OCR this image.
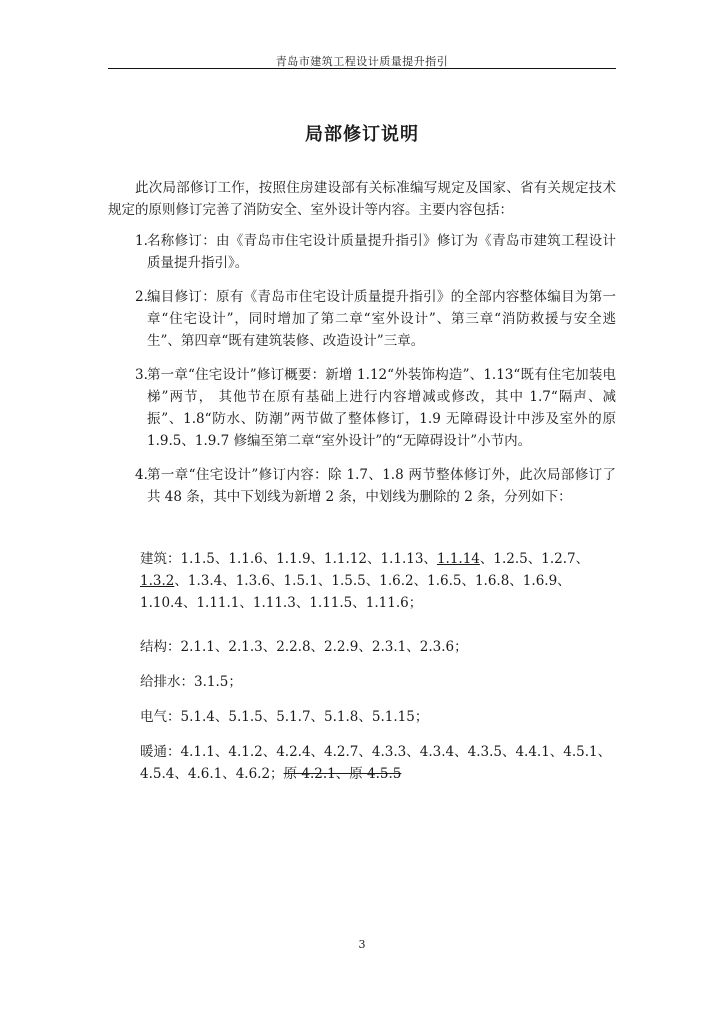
青岛市建筑工程设计质量提升指引
局部修订说明

此次局部修订工作，按照住房建设部有关标准编写规定及国家、省有关规定技术规定的原则修订完善了消防安全、室外设计等内容。主要内容包括：

1. 名称修订：由《青岛市住宅设计质量提升指引》修订为《青岛市建筑工程设计质量提升指引》。
2. 编目修订：原有《青岛市住宅设计质量提升指引》的全部内容整体编目为第一章“住宅设计”，同时增加了第二章“室外设计”、第三章“消防救援与安全逃生”、第四章“既有建筑装修、改造设计”三章。
3. 第一章“住宅设计”修订概要：新增 1.12“外装饰构造”、1.13“既有住宅加装电梯”两节， 其他节在原有基础上进行内容增减或修改，其中 1.7“隔声、减振”、1.8“防水、防潮”两节做了整体修订，1.9 无障碍设计中涉及室外的原 1.9.5、1.9.7 修编至第二章“室外设计”的“无障碍设计”小节内。
4. 第一章“住宅设计”修订内容：除 1.7、1.8 两节整体修订外，此次局部修订了共 48 条，其中下划线为新增 2 条，中划线为删除的 2 条，分列如下：
建筑：1.1.5、1.1.6、1.1.9、1.1.12、1.1.13、1.1.14、1.2.5、1.2.7、1.3.2、1.3.4、1.3.6、1.5.1、1.5.5、1.6.2、1.6.5、1.6.8、1.6.9、1.10.4、1.11.1、1.11.3、1.11.5、1.11.6；
结构：2.1.1、2.1.3、2.2.8、2.2.9、2.3.1、2.3.6；
给排水：3.1.5；
电气：5.1.4、5.1.5、5.1.7、5.1.8、5.1.15；
暖通：4.1.1、4.1.2、4.2.4、4.2.7、4.3.3、4.3.4、4.3.5、4.4.1、4.5.1、4.5.4、4.6.1、4.6.2；原 4.2.1、原 4.5.5
3
